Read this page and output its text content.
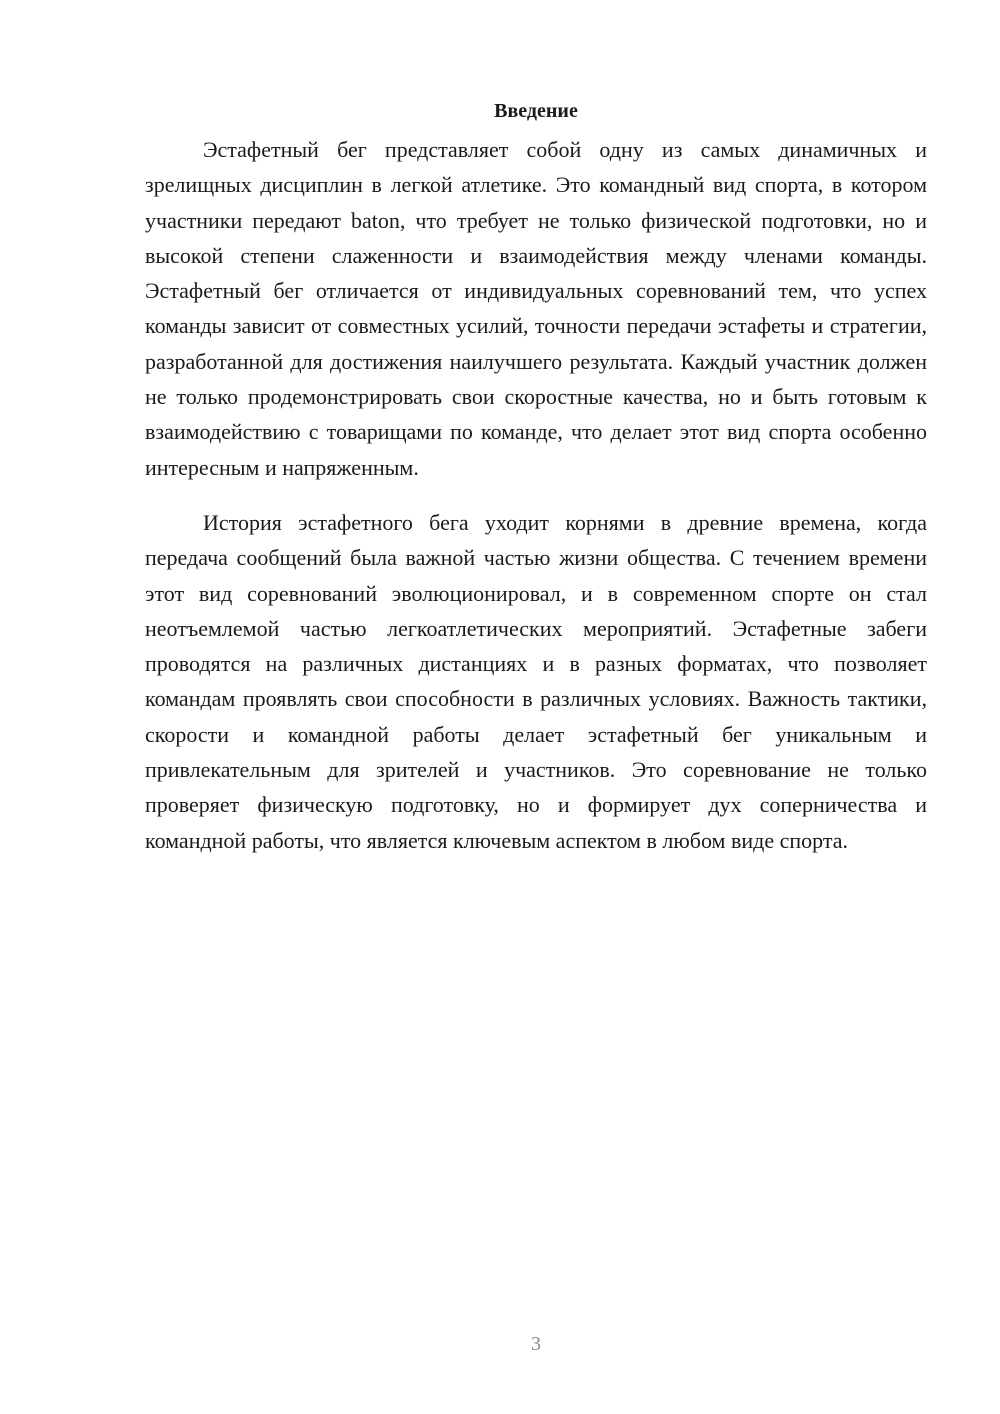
Введение

Эстафетный бег представляет собой одну из самых динамичных и зрелищных дисциплин в легкой атлетике. Это командный вид спорта, в котором участники передают baton, что требует не только физической подготовки, но и высокой степени слаженности и взаимодействия между членами команды. Эстафетный бег отличается от индивидуальных соревнований тем, что успех команды зависит от совместных усилий, точности передачи эстафеты и стратегии, разработанной для достижения наилучшего результата. Каждый участник должен не только продемонстрировать свои скоростные качества, но и быть готовым к взаимодействию с товарищами по команде, что делает этот вид спорта особенно интересным и напряженным.

История эстафетного бега уходит корнями в древние времена, когда передача сообщений была важной частью жизни общества. С течением времени этот вид соревнований эволюционировал, и в современном спорте он стал неотъемлемой частью легкоатлетических мероприятий. Эстафетные забеги проводятся на различных дистанциях и в разных форматах, что позволяет командам проявлять свои способности в различных условиях. Важность тактики, скорости и командной работы делает эстафетный бег уникальным и привлекательным для зрителей и участников. Это соревнование не только проверяет физическую подготовку, но и формирует дух соперничества и командной работы, что является ключевым аспектом в любом виде спорта.

3
